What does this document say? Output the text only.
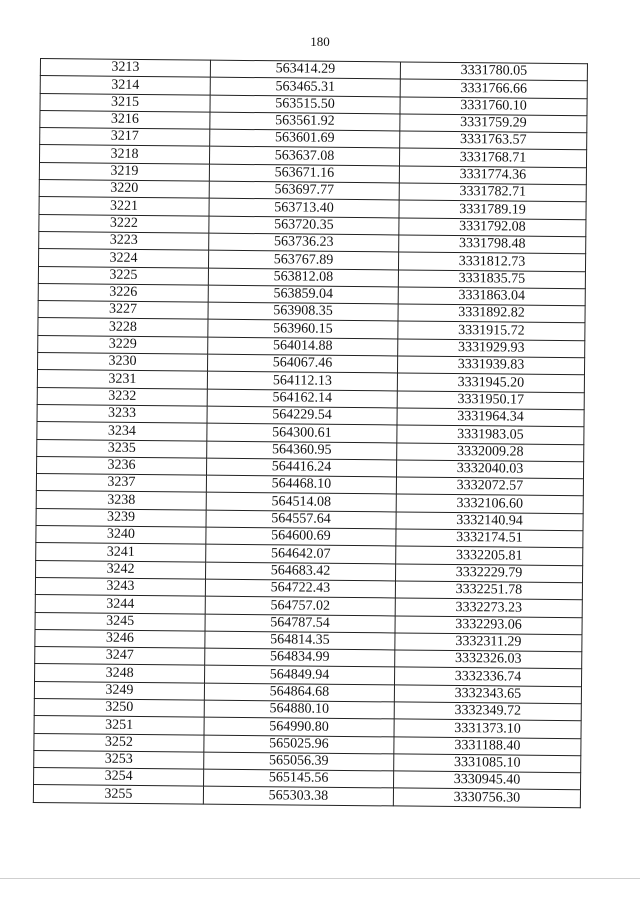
180
3213	563414.29	3331780.05
3214	563465.31	3331766.66
3215	563515.50	3331760.10
3216	563561.92	3331759.29
3217	563601.69	3331763.57
3218	563637.08	3331768.71
3219	563671.16	3331774.36
3220	563697.77	3331782.71
3221	563713.40	3331789.19
3222	563720.35	3331792.08
3223	563736.23	3331798.48
3224	563767.89	3331812.73
3225	563812.08	3331835.75
3226	563859.04	3331863.04
3227	563908.35	3331892.82
3228	563960.15	3331915.72
3229	564014.88	3331929.93
3230	564067.46	3331939.83
3231	564112.13	3331945.20
3232	564162.14	3331950.17
3233	564229.54	3331964.34
3234	564300.61	3331983.05
3235	564360.95	3332009.28
3236	564416.24	3332040.03
3237	564468.10	3332072.57
3238	564514.08	3332106.60
3239	564557.64	3332140.94
3240	564600.69	3332174.51
3241	564642.07	3332205.81
3242	564683.42	3332229.79
3243	564722.43	3332251.78
3244	564757.02	3332273.23
3245	564787.54	3332293.06
3246	564814.35	3332311.29
3247	564834.99	3332326.03
3248	564849.94	3332336.74
3249	564864.68	3332343.65
3250	564880.10	3332349.72
3251	564990.80	3331373.10
3252	565025.96	3331188.40
3253	565056.39	3331085.10
3254	565145.56	3330945.40
3255	565303.38	3330756.30
